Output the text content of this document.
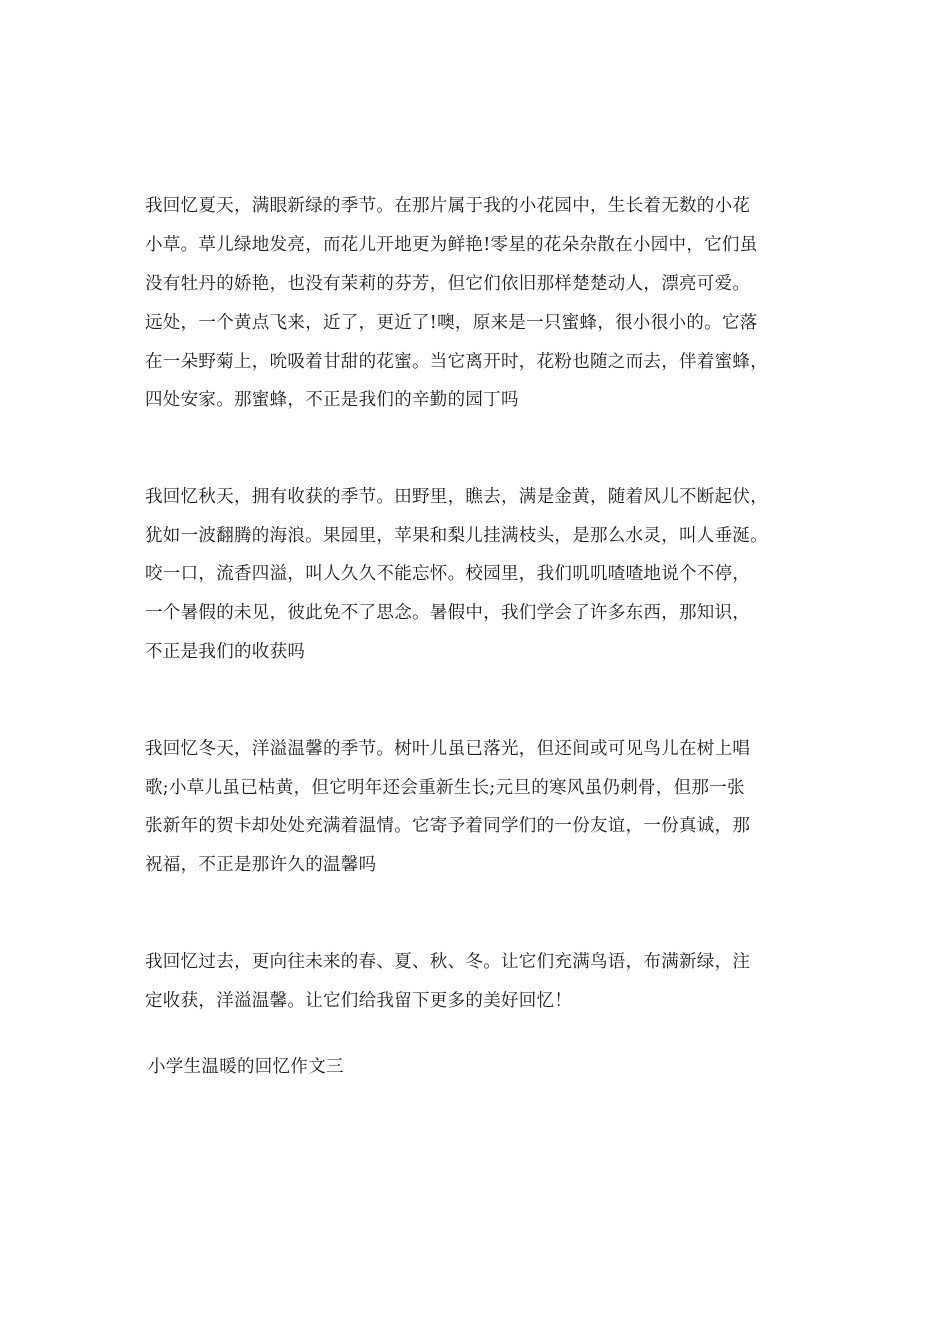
我回忆夏天，满眼新绿的季节。在那片属于我的小花园中，生长着无数的小花
小草。草儿绿地发亮，而花儿开地更为鲜艳!零星的花朵杂散在小园中，它们虽
没有牡丹的娇艳，也没有茉莉的芬芳，但它们依旧那样楚楚动人，漂亮可爱。
远处，一个黄点飞来，近了，更近了!噢，原来是一只蜜蜂，很小很小的。它落
在一朵野菊上，吮吸着甘甜的花蜜。当它离开时，花粉也随之而去，伴着蜜蜂，
四处安家。那蜜蜂，不正是我们的辛勤的园丁吗
我回忆秋天，拥有收获的季节。田野里，瞧去，满是金黄，随着风儿不断起伏，
犹如一波翻腾的海浪。果园里，苹果和梨儿挂满枝头，是那么水灵，叫人垂涎。
咬一口，流香四溢，叫人久久不能忘怀。校园里，我们叽叽喳喳地说个不停，
一个暑假的未见，彼此免不了思念。暑假中，我们学会了许多东西，那知识，
不正是我们的收获吗
我回忆冬天，洋溢温馨的季节。树叶儿虽已落光，但还间或可见鸟儿在树上唱
歌;小草儿虽已枯黄，但它明年还会重新生长;元旦的寒风虽仍刺骨，但那一张
张新年的贺卡却处处充满着温情。它寄予着同学们的一份友谊，一份真诚，那
祝福，不正是那许久的温馨吗
我回忆过去，更向往未来的春、夏、秋、冬。让它们充满鸟语，布满新绿，注
定收获，洋溢温馨。让它们给我留下更多的美好回忆！
小学生温暖的回忆作文三
